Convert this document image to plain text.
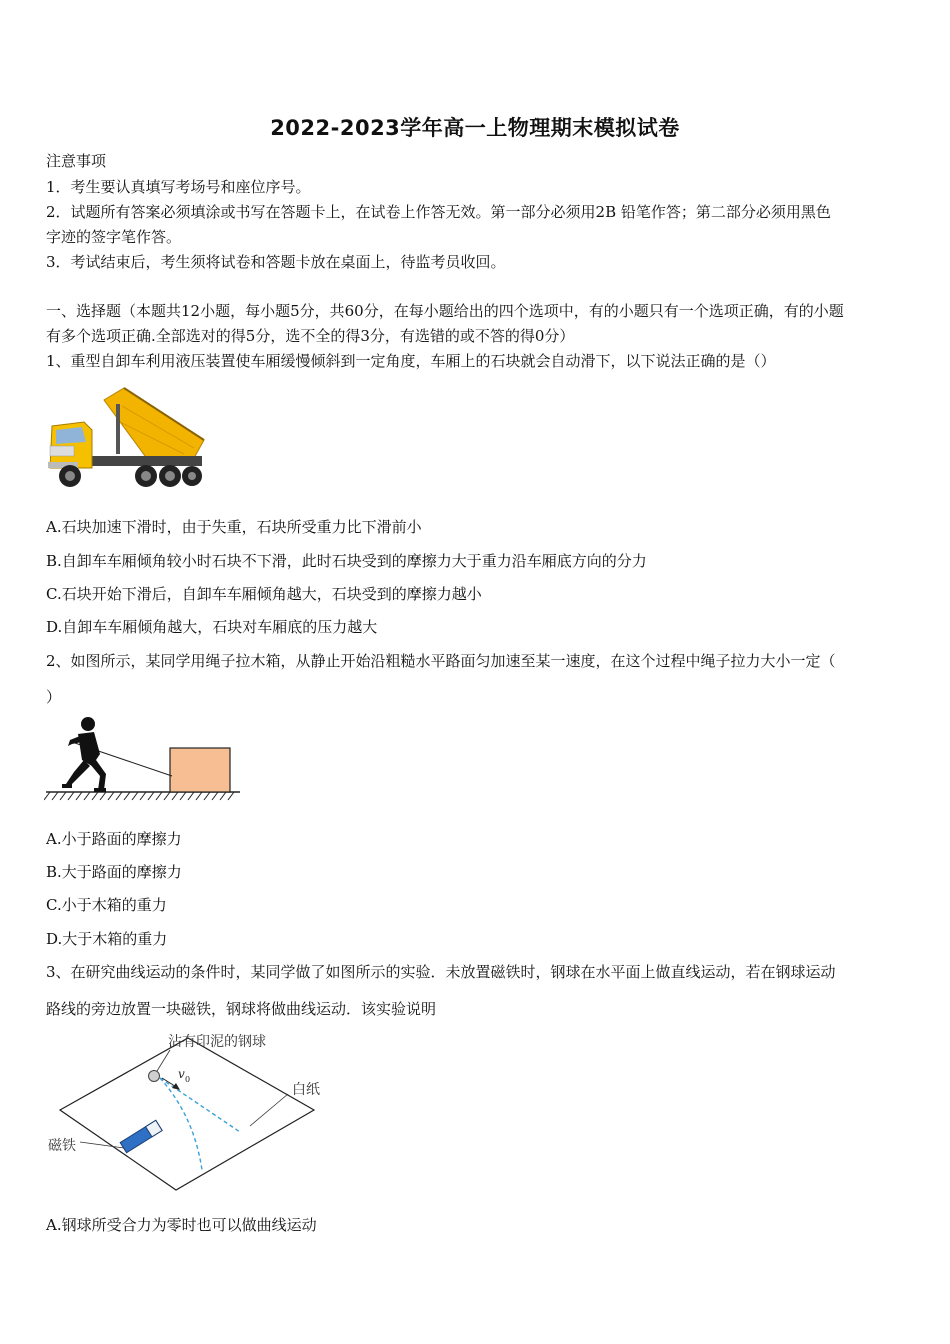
2022-2023学年高一上物理期末模拟试卷
注意事项
1．考生要认真填写考场号和座位序号。
2．试题所有答案必须填涂或书写在答题卡上，在试卷上作答无效。第一部分必须用2B 铅笔作答；第二部分必须用黑色
字迹的签字笔作答。
3．考试结束后，考生须将试卷和答题卡放在桌面上，待监考员收回。
一、选择题（本题共12小题，每小题5分，共60分，在每小题给出的四个选项中，有的小题只有一个选项正确，有的小题
有多个选项正确.全部选对的得5分，选不全的得3分，有选错的或不答的得0分）
1、重型自卸车利用液压装置使车厢缓慢倾斜到一定角度，车厢上的石块就会自动滑下，以下说法正确的是（）
A.石块加速下滑时，由于失重，石块所受重力比下滑前小
B.自卸车车厢倾角较小时石块不下滑，此时石块受到的摩擦力大于重力沿车厢底方向的分力
C.石块开始下滑后，自卸车车厢倾角越大，石块受到的摩擦力越小
D.自卸车车厢倾角越大，石块对车厢底的压力越大
2、如图所示，某同学用绳子拉木箱，从静止开始沿粗糙水平路面匀加速至某一速度，在这个过程中绳子拉力大小一定（
）
A.小于路面的摩擦力
B.大于路面的摩擦力
C.小于木箱的重力
D.大于木箱的重力
3、在研究曲线运动的条件时，某同学做了如图所示的实验．未放置磁铁时，钢球在水平面上做直线运动，若在钢球运动
路线的旁边放置一块磁铁，钢球将做曲线运动．该实验说明
沾有印泥的钢球
v 0
白纸
磁铁
A.钢球所受合力为零时也可以做曲线运动
